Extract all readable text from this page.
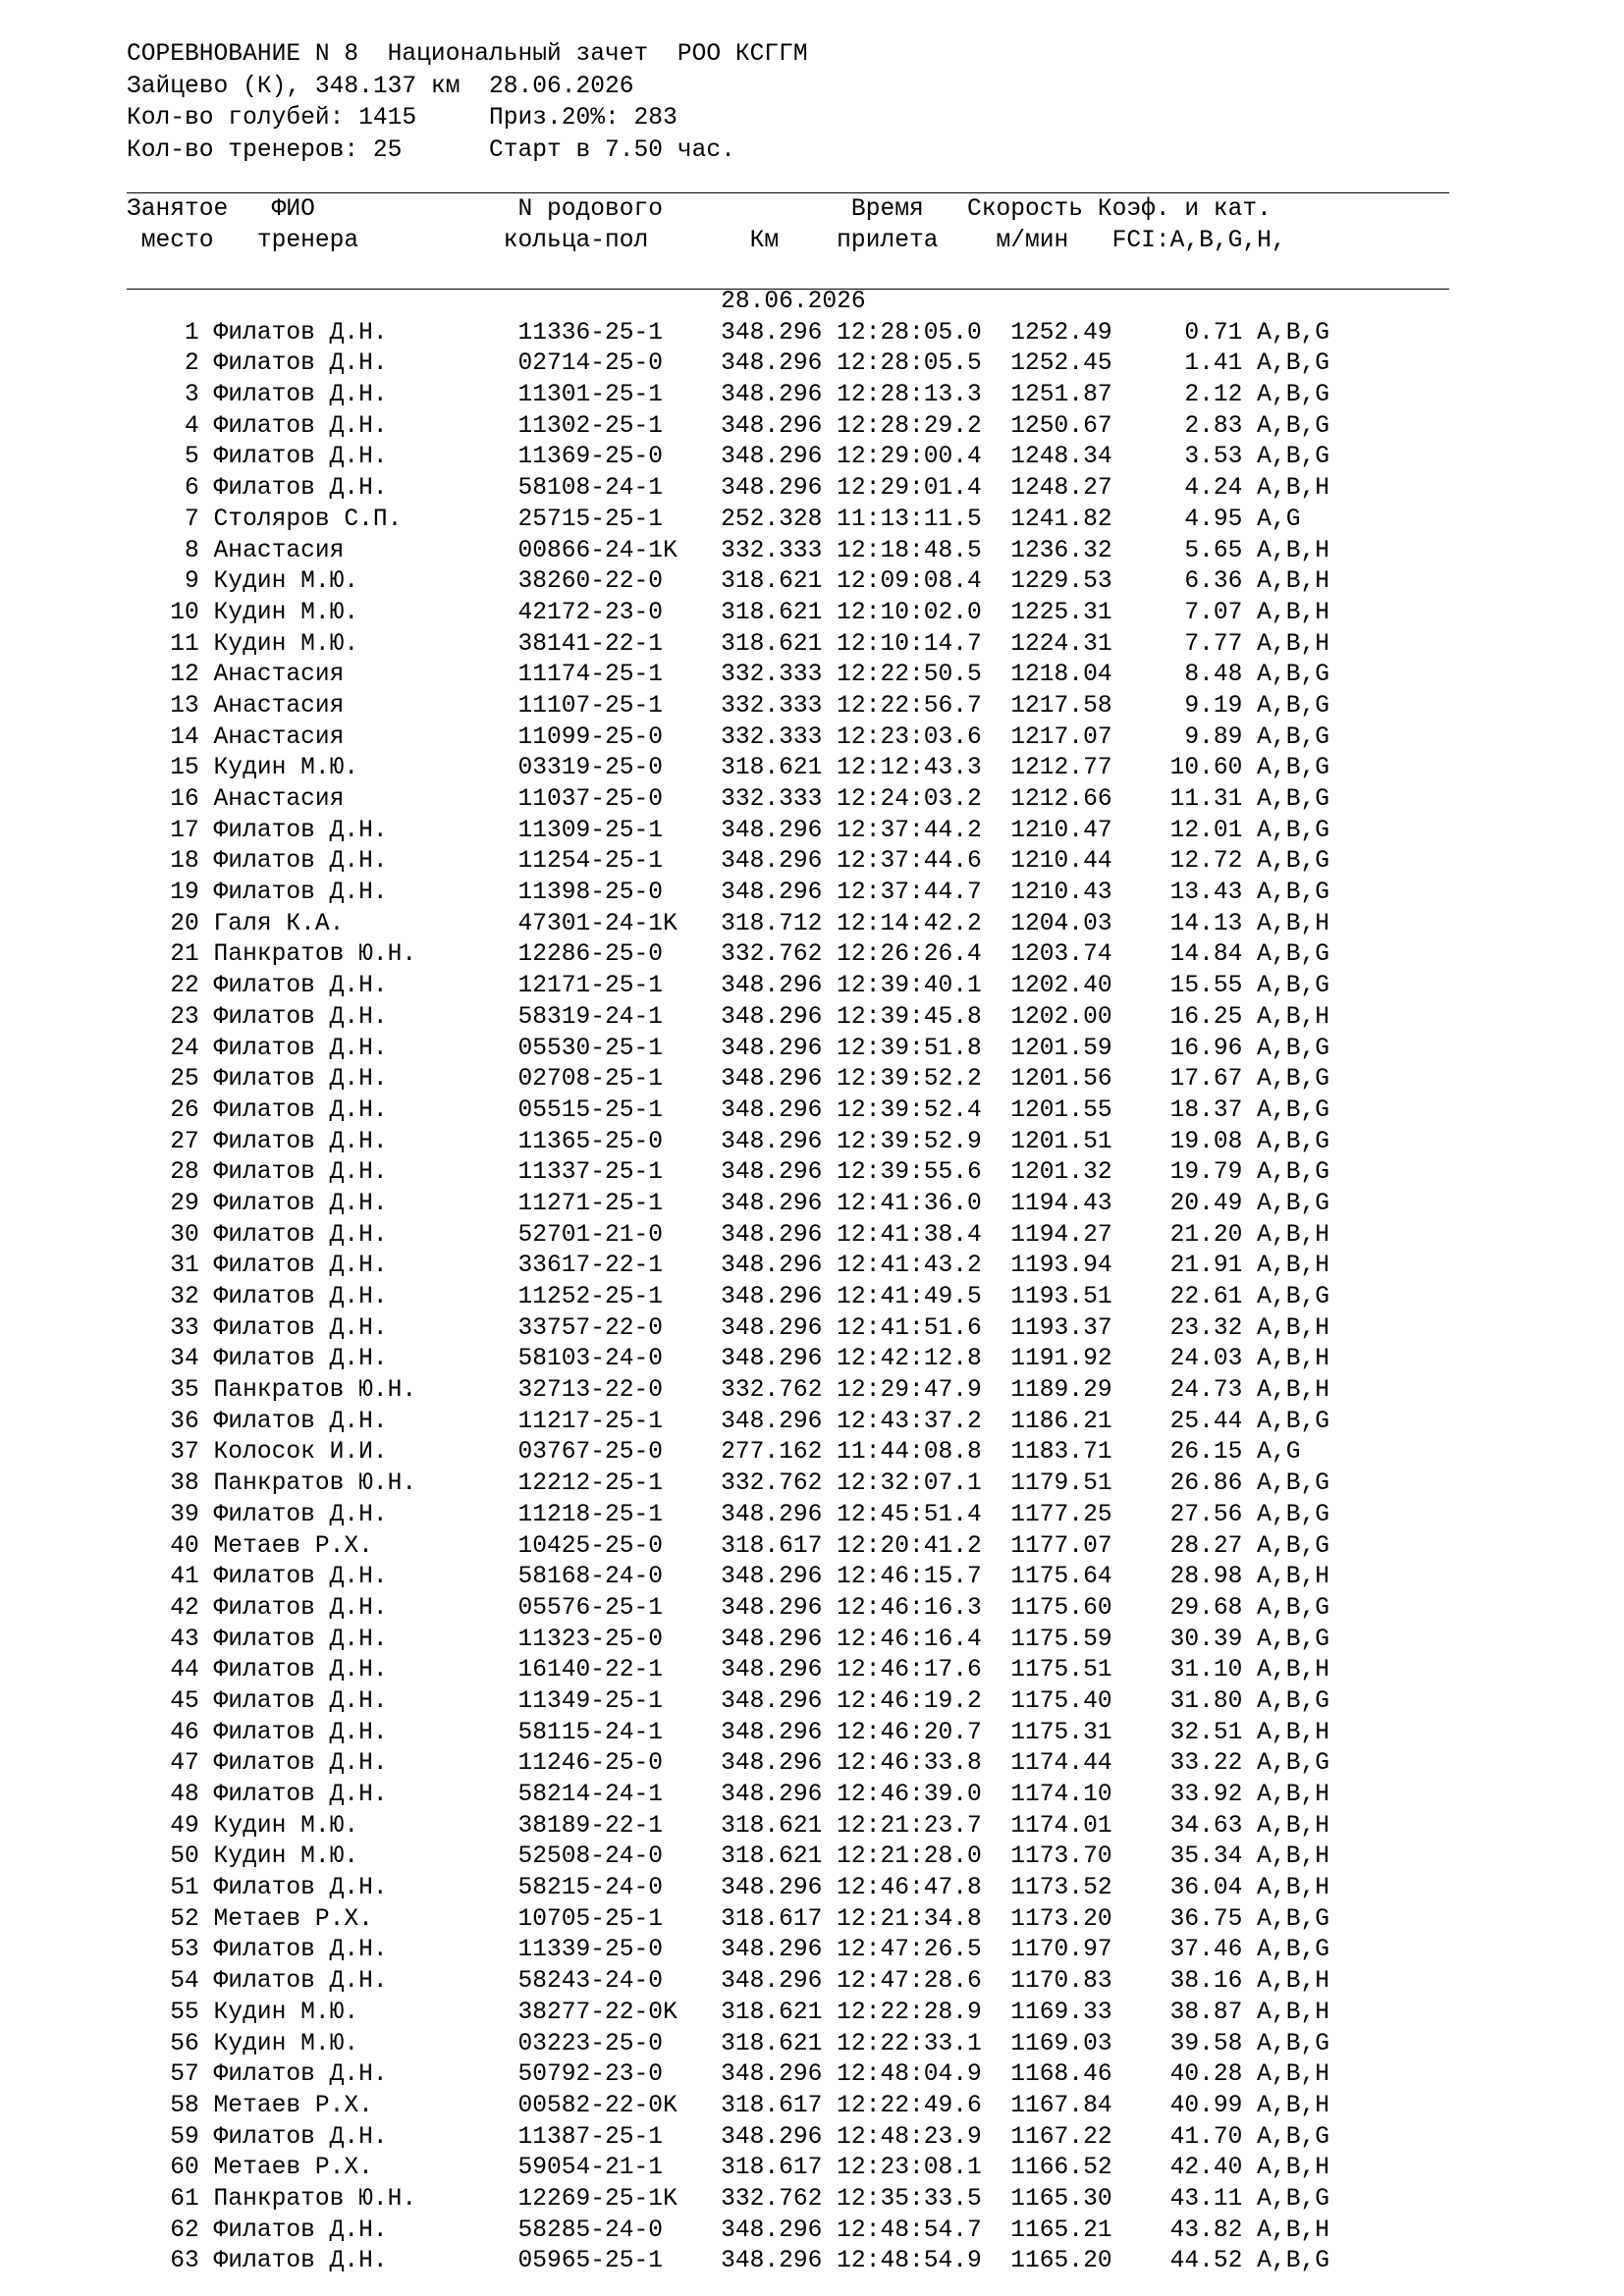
СОРЕВНОВАНИЕ N 8  Национальный зачет  РОО КСГГМ
Зайцево (К), 348.137 км  28.06.2026
Кол-во голубей: 1415     Приз.20%: 283
Кол-во тренеров: 25      Старт в 7.50 час.
Занятое   ФИО              N родового             Время   Скорость Коэф. и кат.
место   тренера          кольца-пол       Км    прилета    м/мин   FCI:A,B,G,H,
28.06.2026
1 Филатов Д.Н.         11336-25-1    348.296 12:28:05.0  1252.49     0.71 A,B,G
2 Филатов Д.Н.         02714-25-0    348.296 12:28:05.5  1252.45     1.41 A,B,G
3 Филатов Д.Н.         11301-25-1    348.296 12:28:13.3  1251.87     2.12 A,B,G
4 Филатов Д.Н.         11302-25-1    348.296 12:28:29.2  1250.67     2.83 A,B,G
5 Филатов Д.Н.         11369-25-0    348.296 12:29:00.4  1248.34     3.53 A,B,G
6 Филатов Д.Н.         58108-24-1    348.296 12:29:01.4  1248.27     4.24 A,B,H
7 Столяров С.П.        25715-25-1    252.328 11:13:11.5  1241.82     4.95 A,G
8 Анастасия            00866-24-1K   332.333 12:18:48.5  1236.32     5.65 A,B,H
9 Кудин М.Ю.           38260-22-0    318.621 12:09:08.4  1229.53     6.36 A,B,H
10 Кудин М.Ю.           42172-23-0    318.621 12:10:02.0  1225.31     7.07 A,B,H
11 Кудин М.Ю.           38141-22-1    318.621 12:10:14.7  1224.31     7.77 A,B,H
12 Анастасия            11174-25-1    332.333 12:22:50.5  1218.04     8.48 A,B,G
13 Анастасия            11107-25-1    332.333 12:22:56.7  1217.58     9.19 A,B,G
14 Анастасия            11099-25-0    332.333 12:23:03.6  1217.07     9.89 A,B,G
15 Кудин М.Ю.           03319-25-0    318.621 12:12:43.3  1212.77    10.60 A,B,G
16 Анастасия            11037-25-0    332.333 12:24:03.2  1212.66    11.31 A,B,G
17 Филатов Д.Н.         11309-25-1    348.296 12:37:44.2  1210.47    12.01 A,B,G
18 Филатов Д.Н.         11254-25-1    348.296 12:37:44.6  1210.44    12.72 A,B,G
19 Филатов Д.Н.         11398-25-0    348.296 12:37:44.7  1210.43    13.43 A,B,G
20 Галя К.А.            47301-24-1K   318.712 12:14:42.2  1204.03    14.13 A,B,H
21 Панкратов Ю.Н.       12286-25-0    332.762 12:26:26.4  1203.74    14.84 A,B,G
22 Филатов Д.Н.         12171-25-1    348.296 12:39:40.1  1202.40    15.55 A,B,G
23 Филатов Д.Н.         58319-24-1    348.296 12:39:45.8  1202.00    16.25 A,B,H
24 Филатов Д.Н.         05530-25-1    348.296 12:39:51.8  1201.59    16.96 A,B,G
25 Филатов Д.Н.         02708-25-1    348.296 12:39:52.2  1201.56    17.67 A,B,G
26 Филатов Д.Н.         05515-25-1    348.296 12:39:52.4  1201.55    18.37 A,B,G
27 Филатов Д.Н.         11365-25-0    348.296 12:39:52.9  1201.51    19.08 A,B,G
28 Филатов Д.Н.         11337-25-1    348.296 12:39:55.6  1201.32    19.79 A,B,G
29 Филатов Д.Н.         11271-25-1    348.296 12:41:36.0  1194.43    20.49 A,B,G
30 Филатов Д.Н.         52701-21-0    348.296 12:41:38.4  1194.27    21.20 A,B,H
31 Филатов Д.Н.         33617-22-1    348.296 12:41:43.2  1193.94    21.91 A,B,H
32 Филатов Д.Н.         11252-25-1    348.296 12:41:49.5  1193.51    22.61 A,B,G
33 Филатов Д.Н.         33757-22-0    348.296 12:41:51.6  1193.37    23.32 A,B,H
34 Филатов Д.Н.         58103-24-0    348.296 12:42:12.8  1191.92    24.03 A,B,H
35 Панкратов Ю.Н.       32713-22-0    332.762 12:29:47.9  1189.29    24.73 A,B,H
36 Филатов Д.Н.         11217-25-1    348.296 12:43:37.2  1186.21    25.44 A,B,G
37 Колосок И.И.         03767-25-0    277.162 11:44:08.8  1183.71    26.15 A,G
38 Панкратов Ю.Н.       12212-25-1    332.762 12:32:07.1  1179.51    26.86 A,B,G
39 Филатов Д.Н.         11218-25-1    348.296 12:45:51.4  1177.25    27.56 A,B,G
40 Метаев Р.Х.          10425-25-0    318.617 12:20:41.2  1177.07    28.27 A,B,G
41 Филатов Д.Н.         58168-24-0    348.296 12:46:15.7  1175.64    28.98 A,B,H
42 Филатов Д.Н.         05576-25-1    348.296 12:46:16.3  1175.60    29.68 A,B,G
43 Филатов Д.Н.         11323-25-0    348.296 12:46:16.4  1175.59    30.39 A,B,G
44 Филатов Д.Н.         16140-22-1    348.296 12:46:17.6  1175.51    31.10 A,B,H
45 Филатов Д.Н.         11349-25-1    348.296 12:46:19.2  1175.40    31.80 A,B,G
46 Филатов Д.Н.         58115-24-1    348.296 12:46:20.7  1175.31    32.51 A,B,H
47 Филатов Д.Н.         11246-25-0    348.296 12:46:33.8  1174.44    33.22 A,B,G
48 Филатов Д.Н.         58214-24-1    348.296 12:46:39.0  1174.10    33.92 A,B,H
49 Кудин М.Ю.           38189-22-1    318.621 12:21:23.7  1174.01    34.63 A,B,H
50 Кудин М.Ю.           52508-24-0    318.621 12:21:28.0  1173.70    35.34 A,B,H
51 Филатов Д.Н.         58215-24-0    348.296 12:46:47.8  1173.52    36.04 A,B,H
52 Метаев Р.Х.          10705-25-1    318.617 12:21:34.8  1173.20    36.75 A,B,G
53 Филатов Д.Н.         11339-25-0    348.296 12:47:26.5  1170.97    37.46 A,B,G
54 Филатов Д.Н.         58243-24-0    348.296 12:47:28.6  1170.83    38.16 A,B,H
55 Кудин М.Ю.           38277-22-0K   318.621 12:22:28.9  1169.33    38.87 A,B,H
56 Кудин М.Ю.           03223-25-0    318.621 12:22:33.1  1169.03    39.58 A,B,G
57 Филатов Д.Н.         50792-23-0    348.296 12:48:04.9  1168.46    40.28 A,B,H
58 Метаев Р.Х.          00582-22-0K   318.617 12:22:49.6  1167.84    40.99 A,B,H
59 Филатов Д.Н.         11387-25-1    348.296 12:48:23.9  1167.22    41.70 A,B,G
60 Метаев Р.Х.          59054-21-1    318.617 12:23:08.1  1166.52    42.40 A,B,H
61 Панкратов Ю.Н.       12269-25-1K   332.762 12:35:33.5  1165.30    43.11 A,B,G
62 Филатов Д.Н.         58285-24-0    348.296 12:48:54.7  1165.21    43.82 A,B,H
63 Филатов Д.Н.         05965-25-1    348.296 12:48:54.9  1165.20    44.52 A,B,G
